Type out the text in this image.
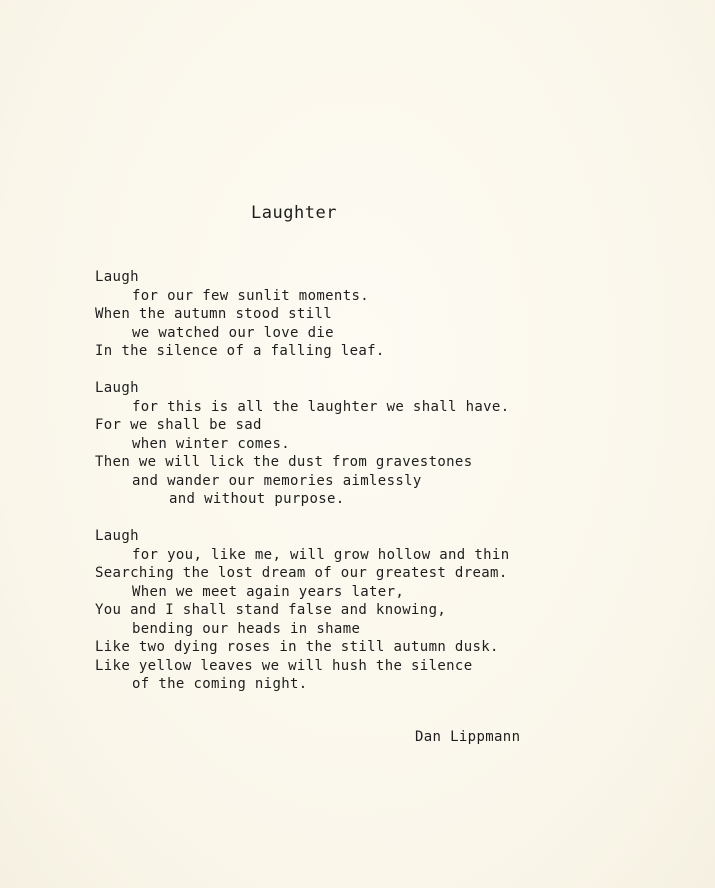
Laughter
Laugh
for our few sunlit moments.
When the autumn stood still
we watched our love die
In the silence of a falling leaf.
Laugh
for this is all the laughter we shall have.
For we shall be sad
when winter comes.
Then we will lick the dust from gravestones
and wander our memories aimlessly
and without purpose.
Laugh
for you, like me, will grow hollow and thin
Searching the lost dream of our greatest dream.
When we meet again years later,
You and I shall stand false and knowing,
bending our heads in shame
Like two dying roses in the still autumn dusk.
Like yellow leaves we will hush the silence
of the coming night.
Dan Lippmann
